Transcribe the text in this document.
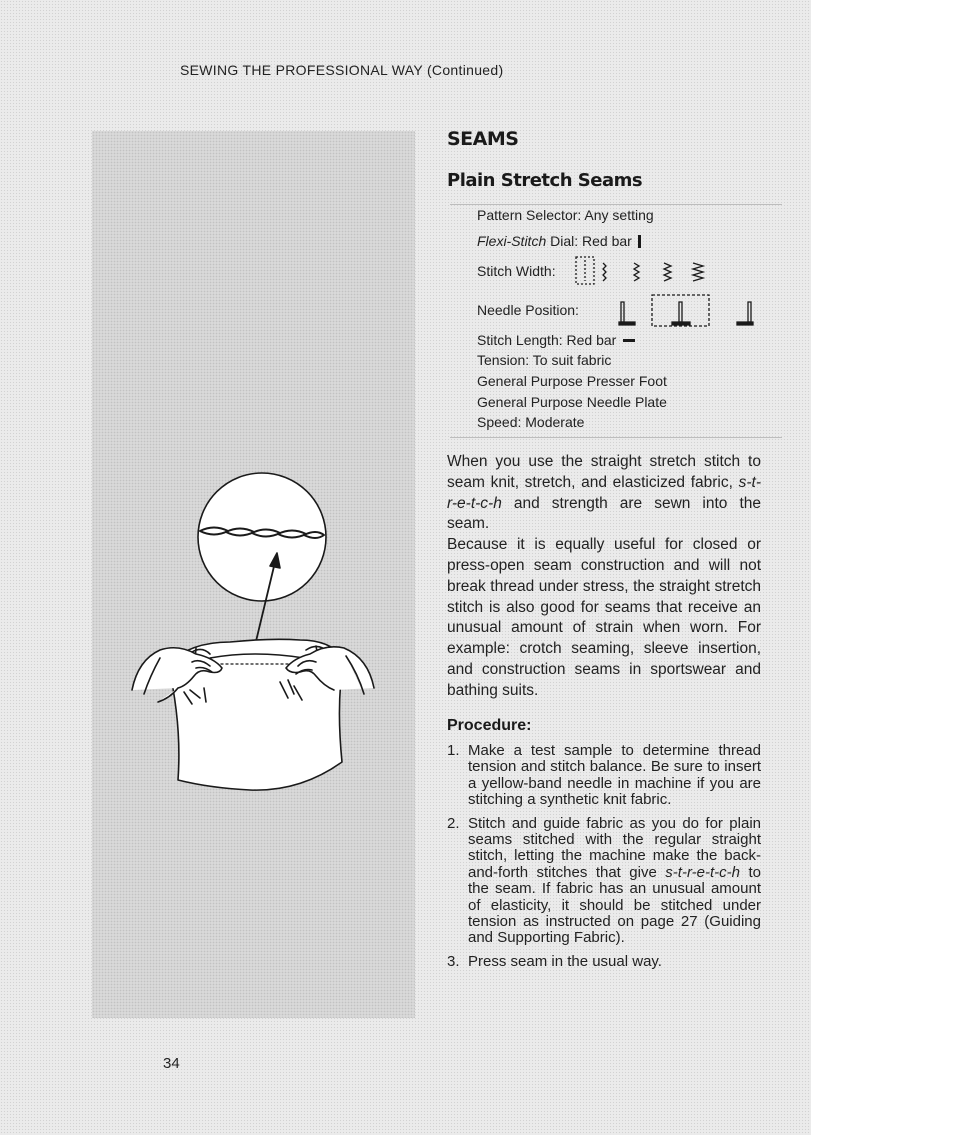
SEWING THE PROFESSIONAL WAY (Continued)
SEAMS
Plain Stretch Seams
Pattern Selector: Any setting
Flexi-Stitch Dial: Red bar
Stitch Width:
Needle Position:
Stitch Length: Red bar
Tension: To suit fabric
General Purpose Presser Foot
General Purpose Needle Plate
Speed: Moderate

When you use the straight stretch stitch to seam knit, stretch, and elasticized fabric, s-t-r-e-t-c-h and strength are sewn into the seam.

Because it is equally useful for closed or press-open seam construction and will not break thread under stress, the straight stretch stitch is also good for seams that receive an unusual amount of strain when worn. For example: crotch seaming, sleeve insertion, and construction seams in sportswear and bathing suits.

Procedure:
1. Make a test sample to determine thread tension and stitch balance. Be sure to insert a yellow-band needle in machine if you are stitching a synthetic knit fabric.
2. Stitch and guide fabric as you do for plain seams stitched with the regular straight stitch, letting the machine make the back-and-forth stitches that give s-t-r-e-t-c-h to the seam. If fabric has an unusual amount of elasticity, it should be stitched under tension as instructed on page 27 (Guiding and Supporting Fabric).
3. Press seam in the usual way.
34
